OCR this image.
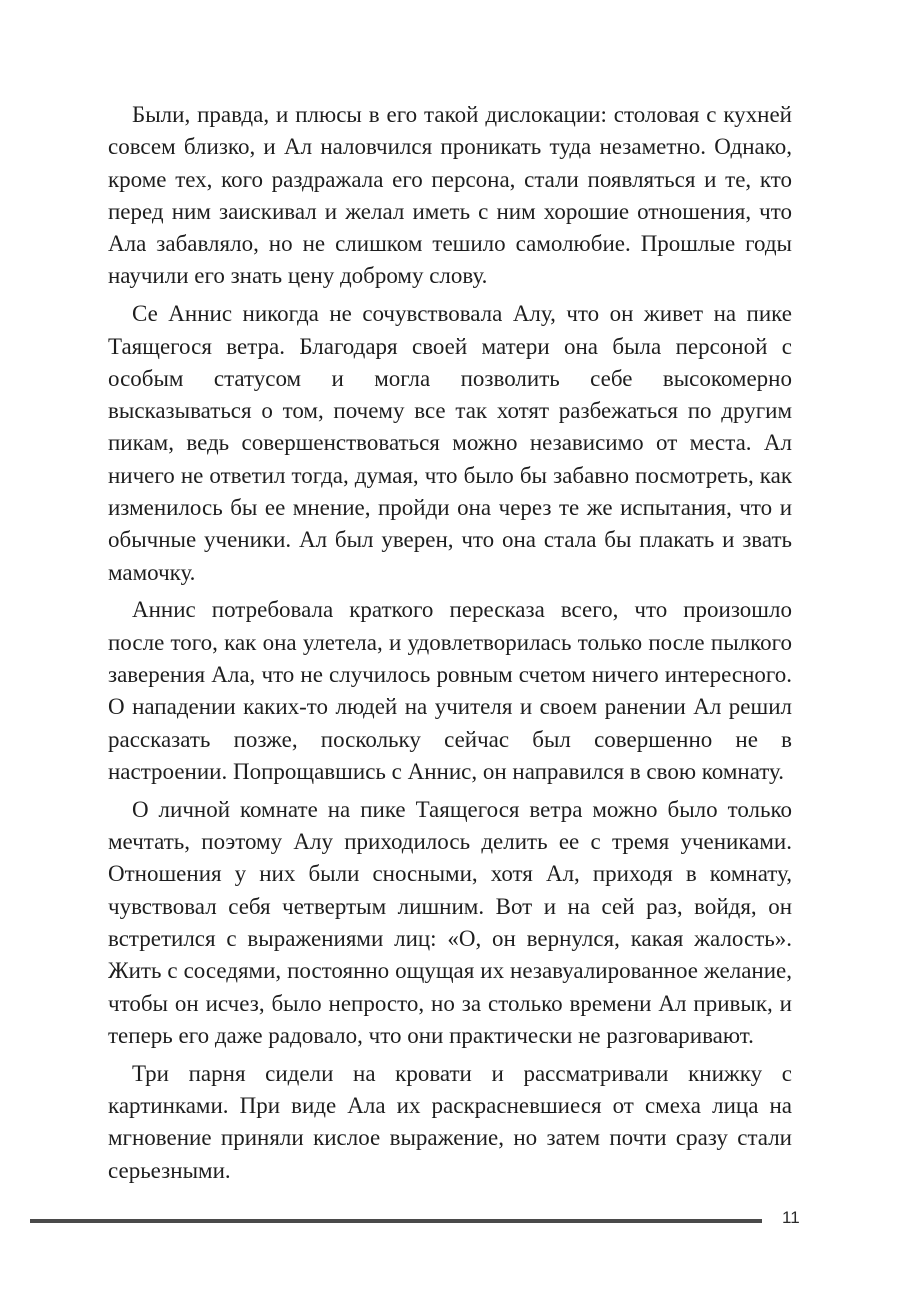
Были, правда, и плюсы в его такой дислокации: столовая с кухней совсем близко, и Ал наловчился проникать туда незаметно. Однако, кроме тех, кого раздражала его персона, стали появляться и те, кто перед ним заискивал и желал иметь с ним хорошие отношения, что Ала забавляло, но не слишком тешило самолюбие. Прошлые годы научили его знать цену доброму слову.

Се Аннис никогда не сочувствовала Алу, что он живет на пике Таящегося ветра. Благодаря своей матери она была персоной с особым статусом и могла позволить себе высокомерно высказываться о том, почему все так хотят разбежаться по другим пикам, ведь совершенствоваться можно независимо от места. Ал ничего не ответил тогда, думая, что было бы забавно посмотреть, как изменилось бы ее мнение, пройди она через те же испытания, что и обычные ученики. Ал был уверен, что она стала бы плакать и звать мамочку.

Аннис потребовала краткого пересказа всего, что произошло после того, как она улетела, и удовлетворилась только после пылкого заверения Ала, что не случилось ровным счетом ничего интересного. О нападении каких-то людей на учителя и своем ранении Ал решил рассказать позже, поскольку сейчас был совершенно не в настроении. Попрощавшись с Аннис, он направился в свою комнату.

О личной комнате на пике Таящегося ветра можно было только мечтать, поэтому Алу приходилось делить ее с тремя учениками. Отношения у них были сносными, хотя Ал, приходя в комнату, чувствовал себя четвертым лишним. Вот и на сей раз, войдя, он встретился с выражениями лиц: «О, он вернулся, какая жалость». Жить с соседями, постоянно ощущая их незавуалированное желание, чтобы он исчез, было непросто, но за столько времени Ал привык, и теперь его даже радовало, что они практически не разговаривают.

Три парня сидели на кровати и рассматривали книжку с картинками. При виде Ала их раскрасневшиеся от смеха лица на мгновение приняли кислое выражение, но затем почти сразу стали серьезными.

11
